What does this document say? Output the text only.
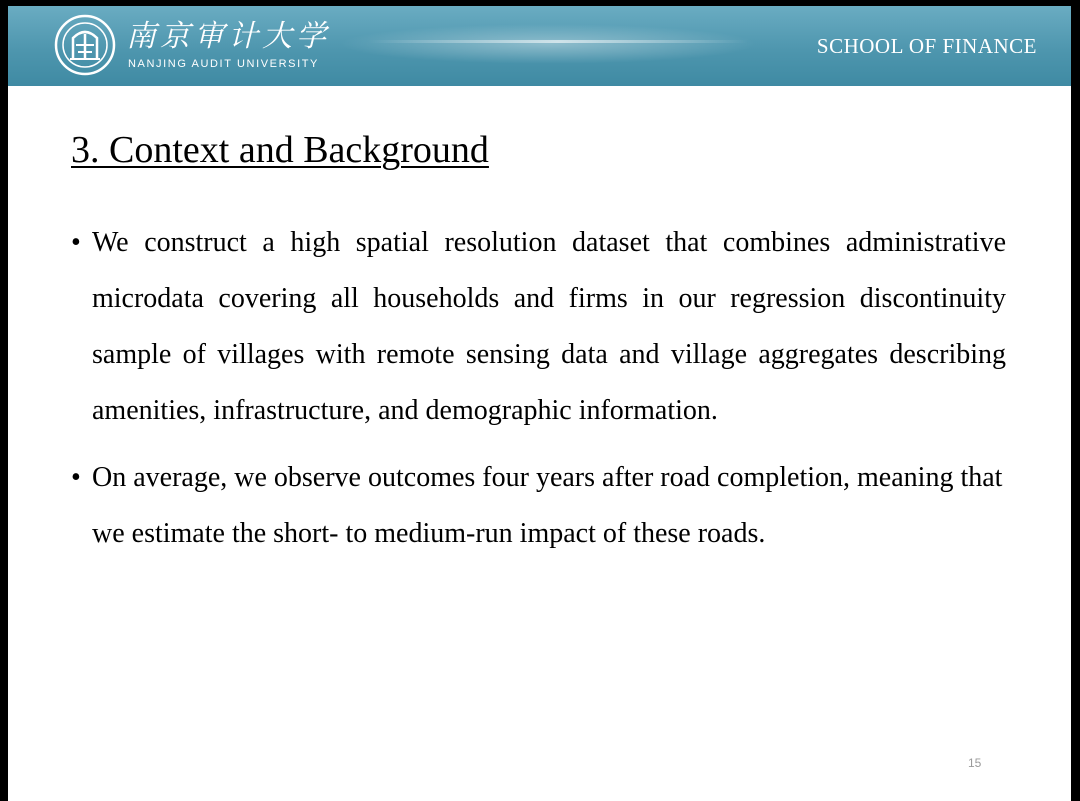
南京审计大学
NANJING AUDIT UNIVERSITY
SCHOOL OF FINANCE
3. Context and Background
• We construct a high spatial resolution dataset that combines administrative microdata covering all households and firms in our regression discontinuity sample of villages with remote sensing data and village aggregates describing amenities, infrastructure, and demographic information.
• On average, we observe outcomes four years after road completion, meaning that we estimate the short- to medium-run impact of these roads.
15
